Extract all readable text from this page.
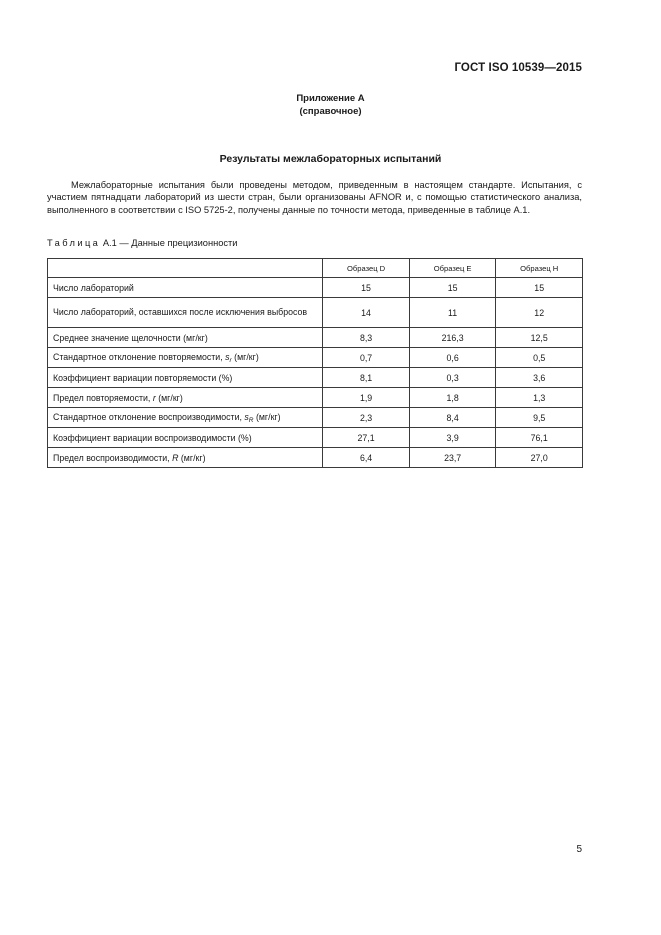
ГОСТ ISO 10539—2015
Приложение А
(справочное)
Результаты межлабораторных испытаний

Межлабораторные испытания были проведены методом, приведенным в настоящем стандарте. Испытания, с участием пятнадцати лабораторий из шести стран, были организованы AFNOR и, с помощью статистического анализа, выполненного в соответствии с ISO 5725-2, получены данные по точности метода, приведенные в таблице А.1.

Таблица А.1 — Данные прецизионности
	Образец D	Образец E	Образец H
Число лабораторий	15	15	15
Число лабораторий, оставшихся после исключения выбросов	14	11	12
Среднее значение щелочности (мг/кг)	8,3	216,3	12,5
Стандартное отклонение повторяемости, $s_r$ (мг/кг)	0,7	0,6	0,5
Коэффициент вариации повторяемости (%)	8,1	0,3	3,6
Предел повторяемости, r (мг/кг)	1,9	1,8	1,3
Стандартное отклонение воспроизводимости, $s_R$ (мг/кг)	2,3	8,4	9,5
Коэффициент вариации воспроизводимости (%)	27,1	3,9	76,1
Предел воспроизводимости, R (мг/кг)	6,4	23,7	27,0
5
